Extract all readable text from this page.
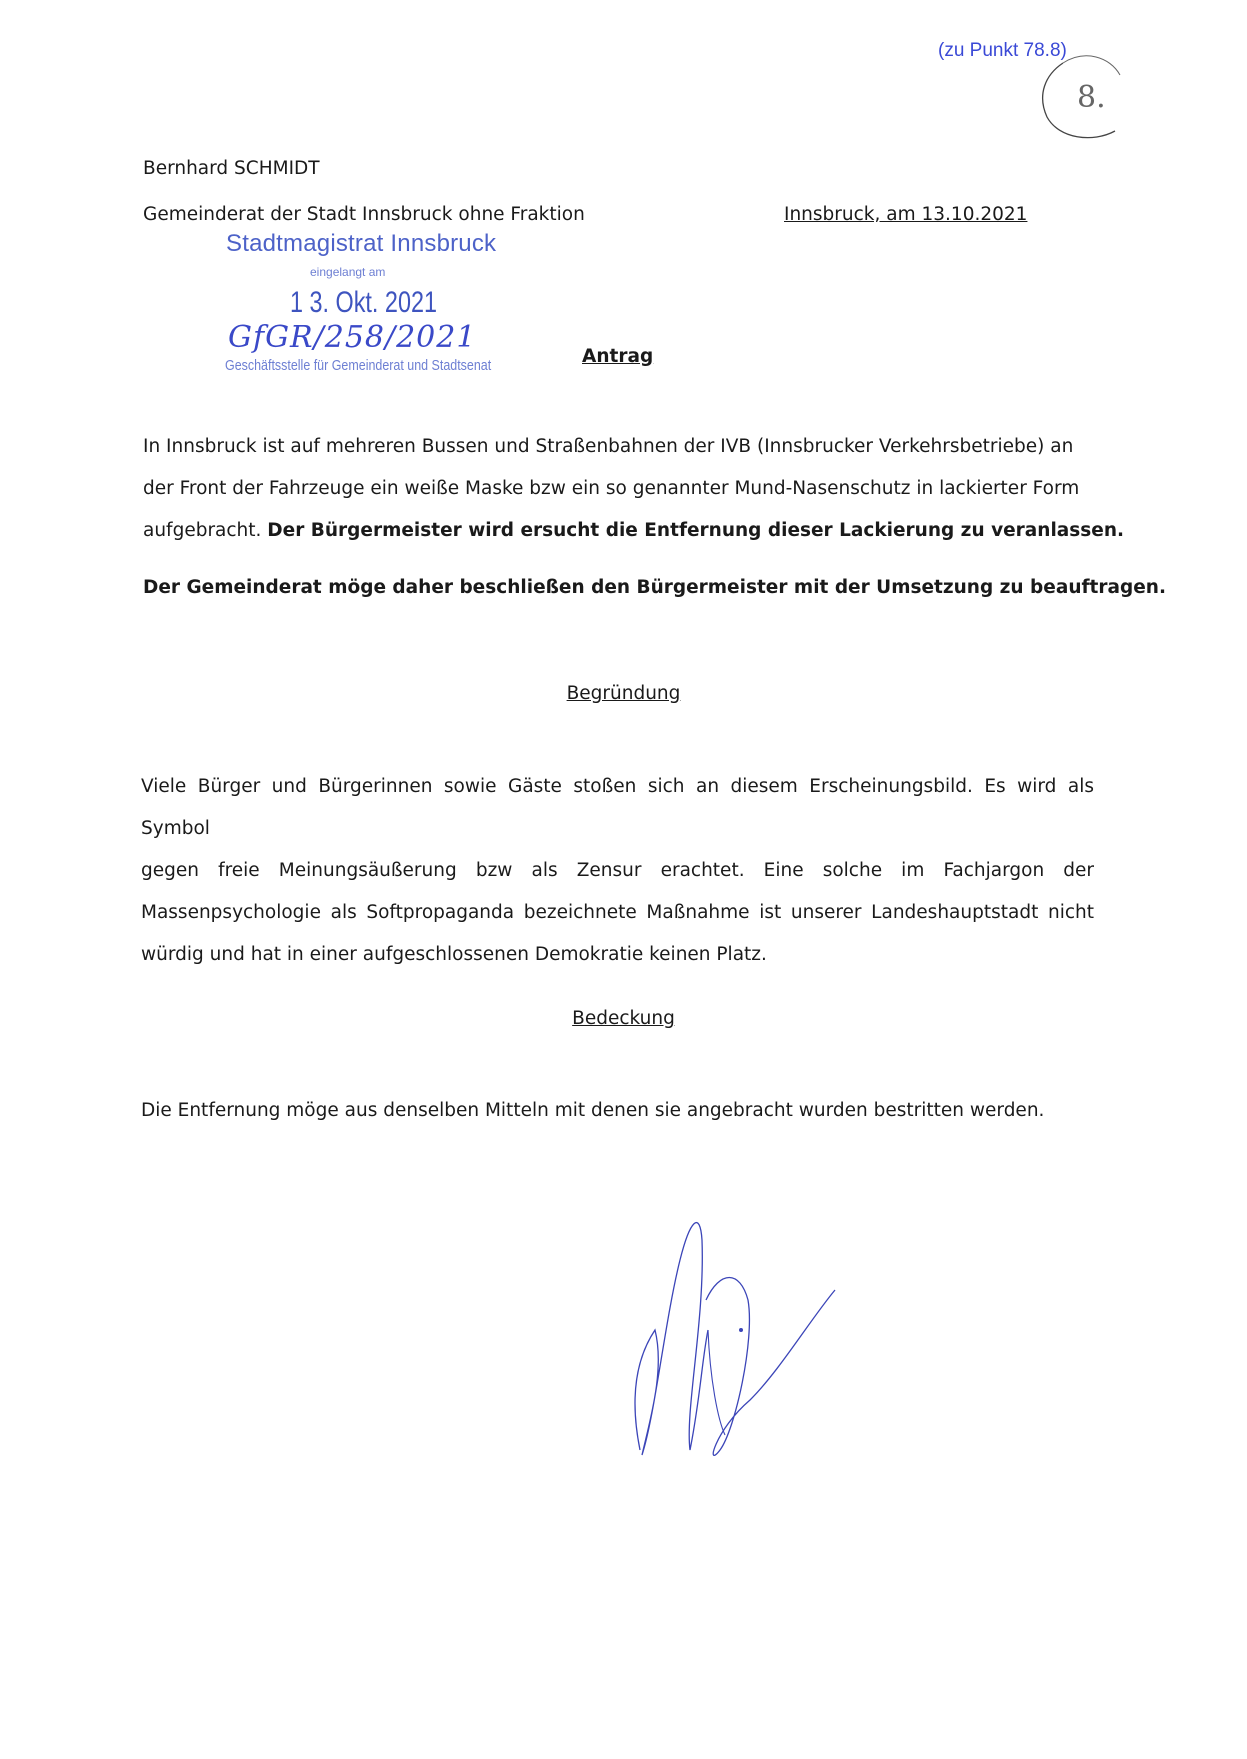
(zu Punkt 78.8)
8.
Bernhard SCHMIDT
Gemeinderat der Stadt Innsbruck ohne Fraktion	Innsbruck, am 13.10.2021
Stadtmagistrat Innsbruck
eingelangt am
1 3. Okt. 2021
GfGR/258/2021
Geschäftsstelle für Gemeinderat und Stadtsenat	Antrag
In Innsbruck ist auf mehreren Bussen und Straßenbahnen der IVB (Innsbrucker Verkehrsbetriebe) an
der Front der Fahrzeuge ein weiße Maske bzw ein so genannter Mund-Nasenschutz in lackierter Form
aufgebracht. Der Bürgermeister wird ersucht die Entfernung dieser Lackierung zu veranlassen.
Der Gemeinderat möge daher beschließen den Bürgermeister mit der Umsetzung zu beauftragen.
Begründung
Viele Bürger und Bürgerinnen sowie Gäste stoßen sich an diesem Erscheinungsbild. Es wird als Symbol
gegen freie Meinungsäußerung bzw als Zensur erachtet. Eine solche im Fachjargon der
Massenpsychologie als Softpropaganda bezeichnete Maßnahme ist unserer Landeshauptstadt nicht
würdig und hat in einer aufgeschlossenen Demokratie keinen Platz.
Bedeckung
Die Entfernung möge aus denselben Mitteln mit denen sie angebracht wurden bestritten werden.
